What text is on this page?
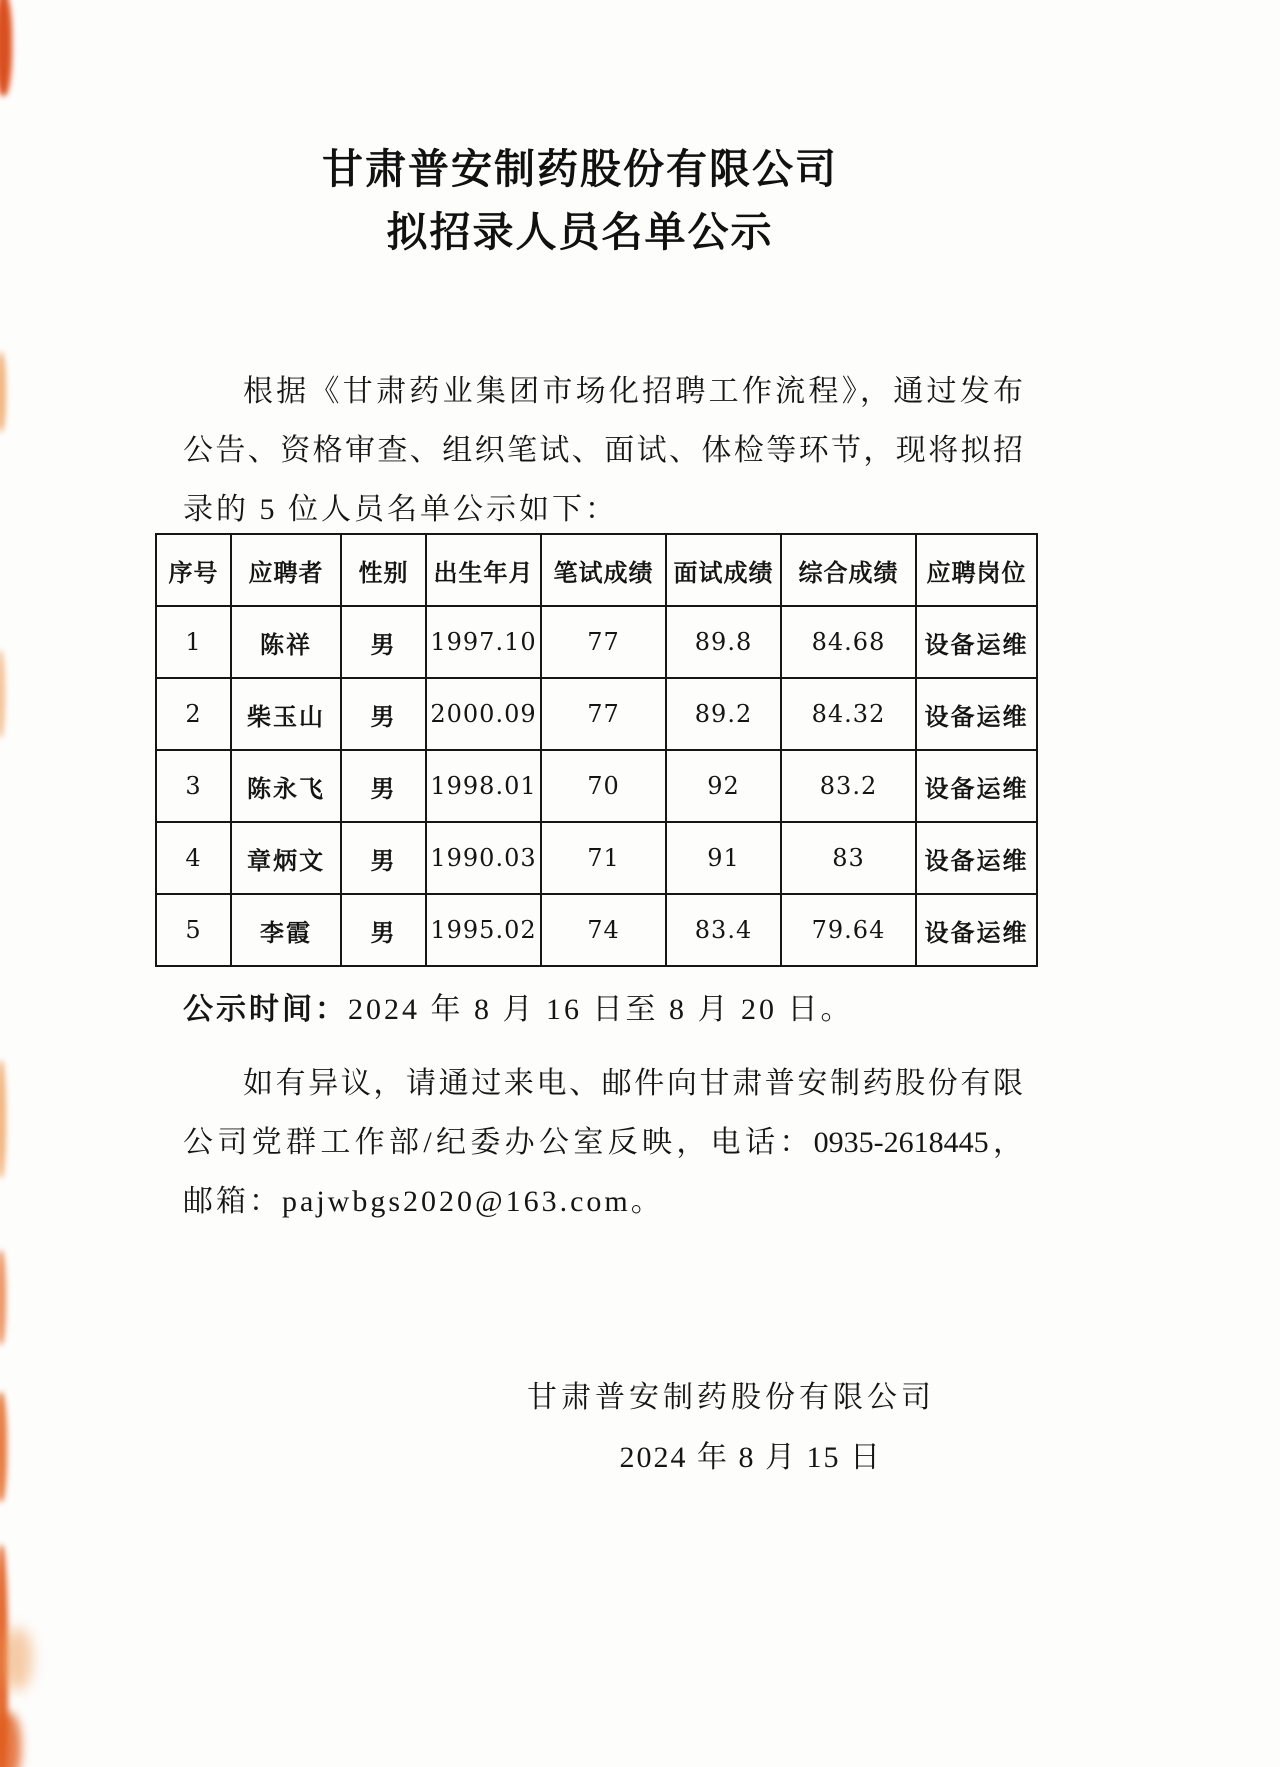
甘肃普安制药股份有限公司
拟招录人员名单公示
根据《甘肃药业集团市场化招聘工作流程》，通过发布
公告、资格审查、组织笔试、面试、体检等环节，现将拟招
录的 5 位人员名单公示如下：
序号	应聘者	性别	出生年月	笔试成绩	面试成绩	综合成绩	应聘岗位
1	陈祥	男	1997.10	77	89.8	84.68	设备运维
2	柴玉山	男	2000.09	77	89.2	84.32	设备运维
3	陈永飞	男	1998.01	70	92	83.2	设备运维
4	章炳文	男	1990.03	71	91	83	设备运维
5	李霞	男	1995.02	74	83.4	79.64	设备运维
公示时间：2024 年 8 月 16 日至 8 月 20 日。
如有异议，请通过来电、邮件向甘肃普安制药股份有限
公司党群工作部/纪委办公室反映，电话：0935-2618445，
邮箱：pajwbgs2020@163.com。
甘肃普安制药股份有限公司
2024 年 8 月 15 日
